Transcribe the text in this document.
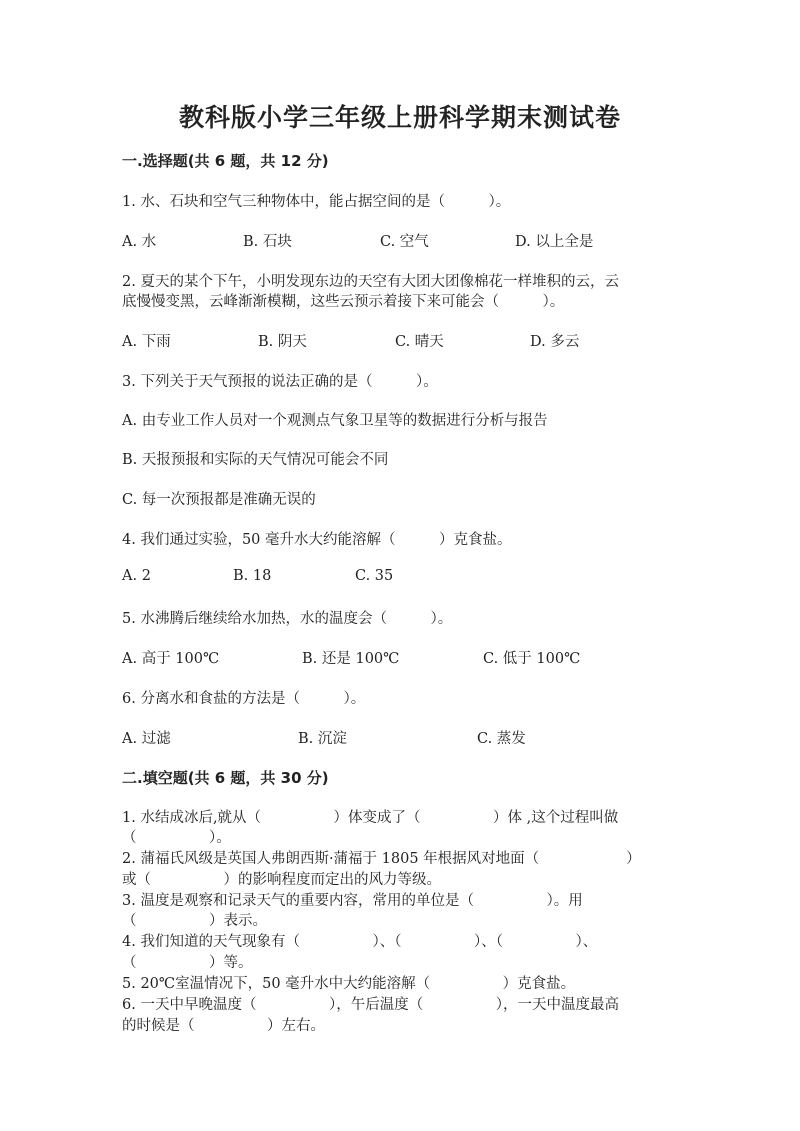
教科版小学三年级上册科学期末测试卷
一.选择题(共 6 题，共 12 分)
1. 水、石块和空气三种物体中，能占据空间的是（　　　）。
A. 水	B. 石块	C. 空气	D. 以上全是
2. 夏天的某个下午，小明发现东边的天空有大团大团像棉花一样堆积的云，云
底慢慢变黑，云峰渐渐模糊，这些云预示着接下来可能会（　　　）。
A. 下雨	B. 阴天	C. 晴天	D. 多云
3. 下列关于天气预报的说法正确的是（　　　）。
A. 由专业工作人员对一个观测点气象卫星等的数据进行分析与报告
B. 天报预报和实际的天气情况可能会不同
C. 每一次预报都是准确无误的
4. 我们通过实验，50 毫升水大约能溶解（　　　）克食盐。
A. 2	B. 18	C. 35
5. 水沸腾后继续给水加热，水的温度会（　　　）。
A. 高于 100℃	B. 还是 100℃	C. 低于 100℃
6. 分离水和食盐的方法是（　　　）。
A. 过滤	B. 沉淀	C. 蒸发
二.填空题(共 6 题，共 30 分)
1. 水结成冰后,就从（　　　　　）体变成了（　　　　　）体 ,这个过程叫做
（　　　　　）。
2. 蒲福氏风级是英国人弗朗西斯·蒲福于 1805 年根据风对地面（　　　　　　）
或（　　　　　）的影响程度而定出的风力等级。
3. 温度是观察和记录天气的重要内容，常用的单位是（　　　　　）。用
（　　　　　）表示。
4. 我们知道的天气现象有（　　　　　）、（　　　　　）、（　　　　　）、
（　　　　　）等。
5. 20℃室温情况下，50 毫升水中大约能溶解（　　　　　）克食盐。
6. 一天中早晚温度（　　　　　），午后温度（　　　　　），一天中温度最高
的时候是（　　　　　）左右。
